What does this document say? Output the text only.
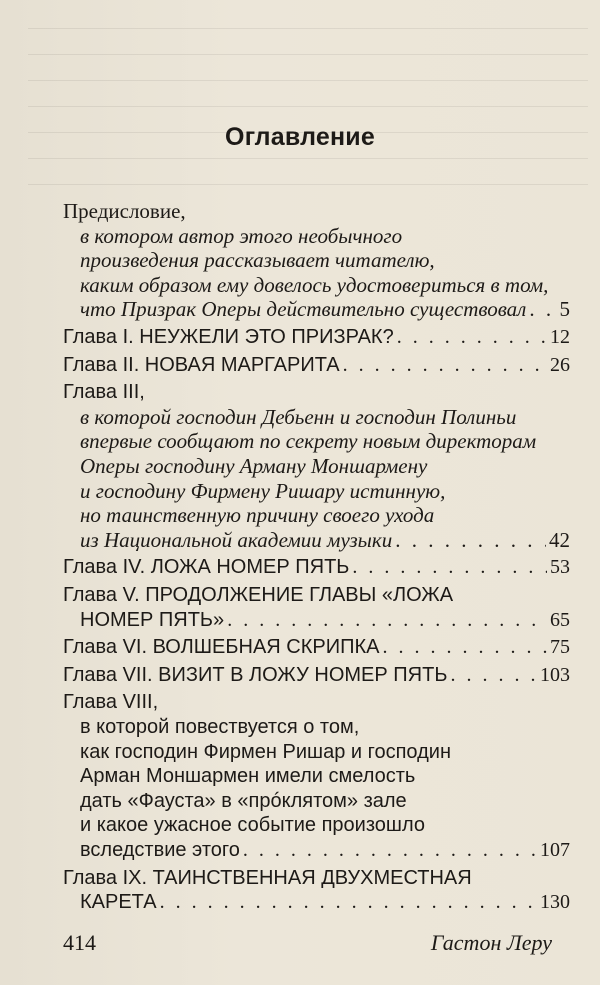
Оглавление
Предисловие,
в котором автор этого необычного
произведения рассказывает читателю,
каким образом ему довелось удостовериться в том,
что Призрак Оперы действительно существовал . . . 5
Глава I. НЕУЖЕЛИ ЭТО ПРИЗРАК? . . .	12
Глава II. НОВАЯ МАРГАРИТА . . .	26
Глава III,
в которой господин Дебьенн и господин Полиньи
впервые сообщают по секрету новым директорам
Оперы господину Арману Моншармену
и господину Фирмену Ришару истинную,
но таинственную причину своего ухода
из Национальной академии музыки . . .	42
Глава IV. ЛОЖА НОМЕР ПЯТЬ . . .	53
Глава V. ПРОДОЛЖЕНИЕ ГЛАВЫ «ЛОЖА
НОМЕР ПЯТЬ» . . .	65
Глава VI. ВОЛШЕБНАЯ СКРИПКА . . .	75
Глава VII. ВИЗИТ В ЛОЖУ НОМЕР ПЯТЬ . . .	103
Глава VIII,
в которой повествуется о том,
как господин Фирмен Ришар и господин
Арман Моншармен имели смелость
дать «Фауста» в «прóклятом» зале
и какое ужасное событие произошло
вследствие этого . . .	107
Глава IX. ТАИНСТВЕННАЯ ДВУХМЕСТНАЯ
КАРЕТА . . .	130
414	Гастон Леру
